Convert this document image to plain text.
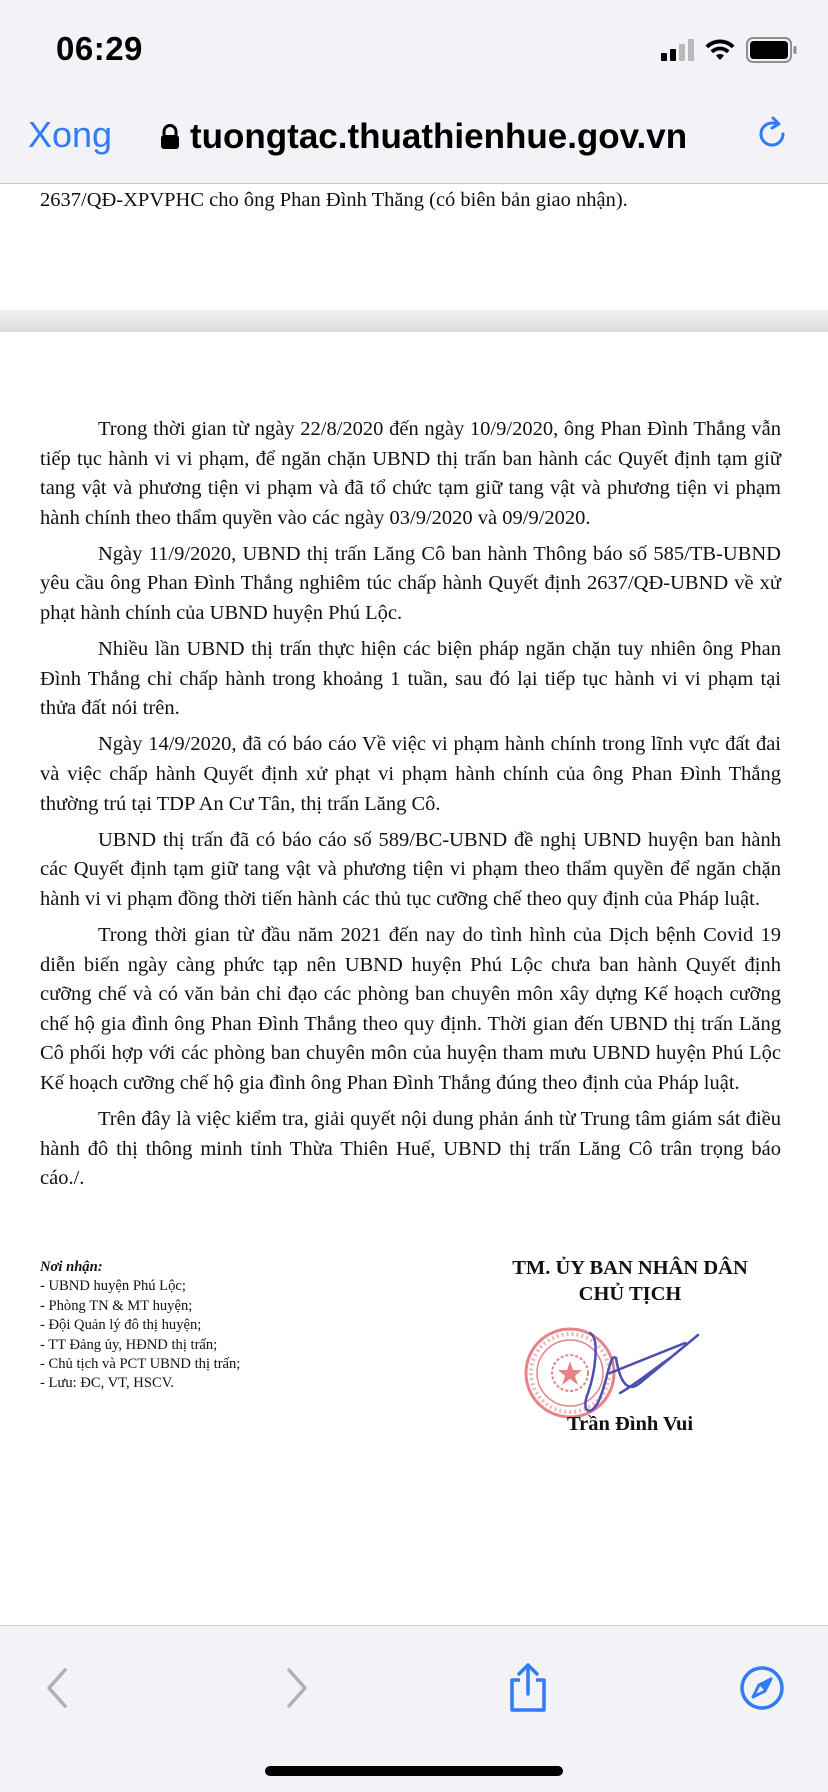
06:29
Xong tuongtac.thuathienhue.gov.vn
2637/QĐ-XPVPHC cho ông Phan Đình Thăng (có biên bản giao nhận).

Trong thời gian từ ngày 22/8/2020 đến ngày 10/9/2020, ông Phan Đình Thắng vẫn tiếp tục hành vi vi phạm, để ngăn chặn UBND thị trấn ban hành các Quyết định tạm giữ tang vật và phương tiện vi phạm và đã tổ chức tạm giữ tang vật và phương tiện vi phạm hành chính theo thẩm quyền vào các ngày 03/9/2020 và 09/9/2020.

Ngày 11/9/2020, UBND thị trấn Lăng Cô ban hành Thông báo số 585/TB-UBND yêu cầu ông Phan Đình Thắng nghiêm túc chấp hành Quyết định 2637/QĐ-UBND về xử phạt hành chính của UBND huyện Phú Lộc.

Nhiều lần UBND thị trấn thực hiện các biện pháp ngăn chặn tuy nhiên ông Phan Đình Thắng chỉ chấp hành trong khoảng 1 tuần, sau đó lại tiếp tục hành vi vi phạm tại thửa đất nói trên.

Ngày 14/9/2020, đã có báo cáo Về việc vi phạm hành chính trong lĩnh vực đất đai và việc chấp hành Quyết định xử phạt vi phạm hành chính của ông Phan Đình Thắng thường trú tại TDP An Cư Tân, thị trấn Lăng Cô.

UBND thị trấn đã có báo cáo số 589/BC-UBND đề nghị UBND huyện ban hành các Quyết định tạm giữ tang vật và phương tiện vi phạm theo thẩm quyền để ngăn chặn hành vi vi phạm đồng thời tiến hành các thủ tục cưỡng chế theo quy định của Pháp luật.

Trong thời gian từ đầu năm 2021 đến nay do tình hình của Dịch bệnh Covid 19 diễn biến ngày càng phức tạp nên UBND huyện Phú Lộc chưa ban hành Quyết định cưỡng chế và có văn bản chỉ đạo các phòng ban chuyên môn xây dựng Kế hoạch cưỡng chế hộ gia đình ông Phan Đình Thắng theo quy định. Thời gian đến UBND thị trấn Lăng Cô phối hợp với các phòng ban chuyên môn của huyện tham mưu UBND huyện Phú Lộc Kế hoạch cưỡng chế hộ gia đình ông Phan Đình Thắng đúng theo định của Pháp luật.

Trên đây là việc kiểm tra, giải quyết nội dung phản ánh từ Trung tâm giám sát điều hành đô thị thông minh tỉnh Thừa Thiên Huế, UBND thị trấn Lăng Cô trân trọng báo cáo./.

Nơi nhận:
- UBND huyện Phú Lộc;
- Phòng TN & MT huyện;
- Đội Quản lý đô thị huyện;
- TT Đảng ủy, HĐND thị trấn;
- Chủ tịch và PCT UBND thị trấn;
- Lưu: ĐC, VT, HSCV.
TM. ỦY BAN NHÂN DÂN
CHỦ TỊCH
Trần Đình Vui
